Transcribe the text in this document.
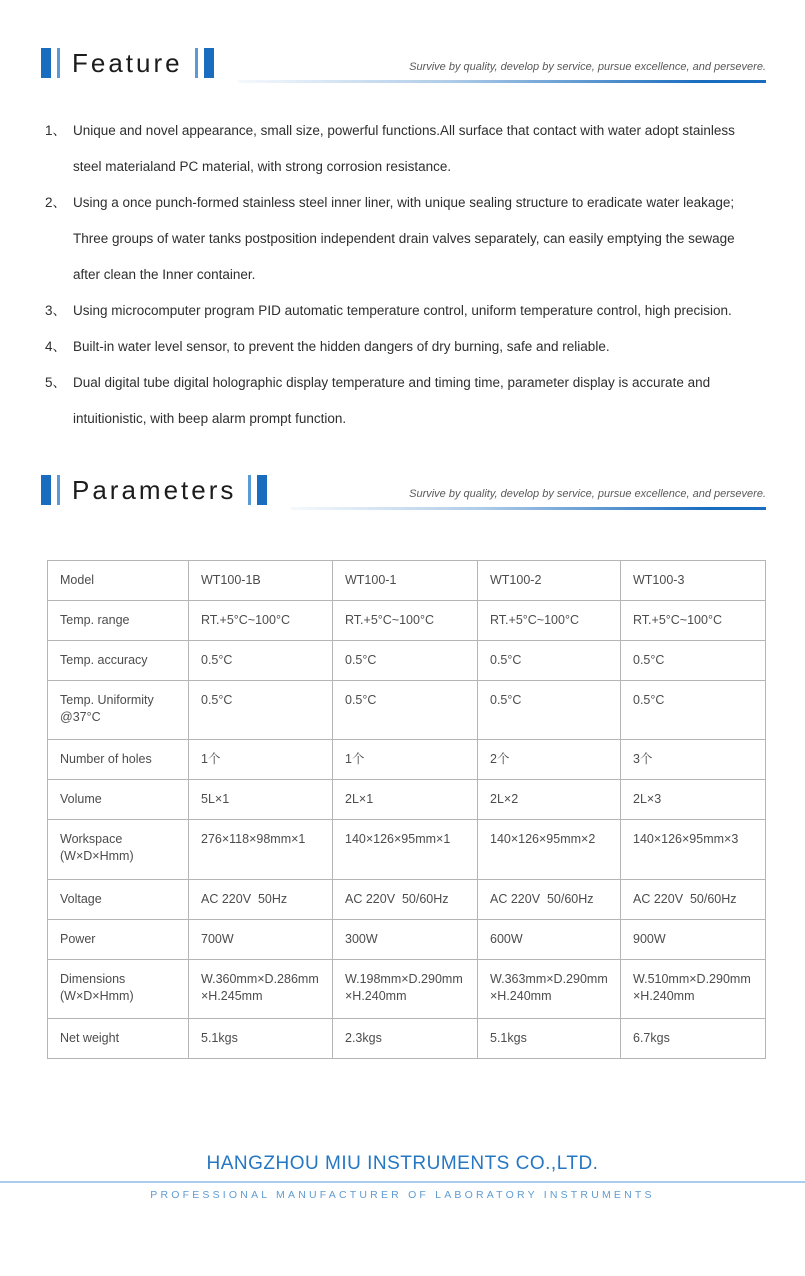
Feature	Survive by quality, develop by service, pursue excellence, and persevere.

1、 Unique and novel appearance, small size, powerful functions.All surface that contact with water adopt stainless steel materialand PC material, with strong corrosion resistance.
2、 Using a once punch-formed stainless steel inner liner, with unique sealing structure to eradicate water leakage; Three groups of water tanks postposition independent drain valves separately, can easily emptying the sewage after clean the Inner container.
3、 Using microcomputer program PID automatic temperature control, uniform temperature control, high precision.
4、 Built-in water level sensor, to prevent the hidden dangers of dry burning, safe and reliable.
5、 Dual digital tube digital holographic display temperature and timing time, parameter display is accurate and intuitionistic, with beep alarm prompt function.
Parameters	Survive by quality, develop by service, pursue excellence, and persevere.

Model	WT100-1B	WT100-1	WT100-2	WT100-3
Temp. range	RT.+5°C~100°C	RT.+5°C~100°C	RT.+5°C~100°C	RT.+5°C~100°C
Temp. accuracy	0.5°C	0.5°C	0.5°C	0.5°C
Temp. Uniformity @37°C	0.5°C	0.5°C	0.5°C	0.5°C
Number of holes	1个	1个	2个	3个
Volume	5L×1	2L×1	2L×2	2L×3
Workspace (W×D×Hmm)	276×118×98mm×1	140×126×95mm×1	140×126×95mm×2	140×126×95mm×3
Voltage	AC 220V  50Hz	AC 220V  50/60Hz	AC 220V  50/60Hz	AC 220V  50/60Hz
Power	700W	300W	600W	900W
Dimensions (W×D×Hmm)	W.360mm×D.286mm×H.245mm	W.198mm×D.290mm×H.240mm	W.363mm×D.290mm×H.240mm	W.510mm×D.290mm×H.240mm
Net weight	5.1kgs	2.3kgs	5.1kgs	6.7kgs
HANGZHOU MIU INSTRUMENTS CO.,LTD.
PROFESSIONAL MANUFACTURER OF LABORATORY INSTRUMENTS
